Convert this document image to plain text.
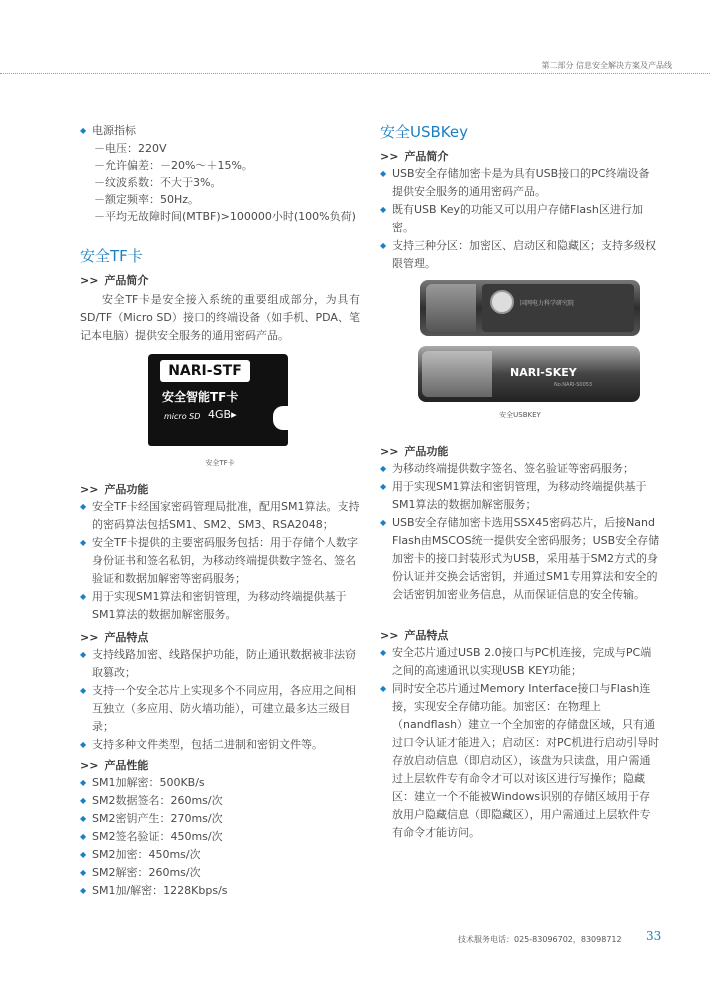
第二部分 信息安全解决方案及产品线
◆ 电源指标
－电压：220V
－允许偏差：－20%～＋15%。
－纹波系数：不大于3%。
－额定频率：50Hz。
－平均无故障时间(MTBF)>100000小时(100%负荷)
安全TF卡
>> 产品简介

安全TF卡是安全接入系统的重要组成部分，为具有SD/TF（Micro SD）接口的终端设备（如手机、PDA、笔记本电脑）提供安全服务的通用密码产品。

NARI-STF
安全智能TF卡
micro SD 4GB▸
安全TF卡
>> 产品功能
◆ 安全TF卡经国家密码管理局批准，配用SM1算法。支持的密码算法包括SM1、SM2、SM3、RSA2048；
◆ 安全TF卡提供的主要密码服务包括：用于存储个人数字身份证书和签名私钥，为移动终端提供数字签名、签名验证和数据加解密等密码服务；
◆ 用于实现SM1算法和密钥管理，为移动终端提供基于SM1算法的数据加解密服务。
>> 产品特点
◆ 支持线路加密、线路保护功能，防止通讯数据被非法窃取篡改；
◆ 支持一个安全芯片上实现多个不同应用，各应用之间相互独立（多应用、防火墙功能），可建立最多达三级目录；
◆ 支持多种文件类型，包括二进制和密钥文件等。
>> 产品性能
◆ SM1加解密：500KB/s
◆ SM2数据签名：260ms/次
◆ SM2密钥产生：270ms/次
◆ SM2签名验证：450ms/次
◆ SM2加密：450ms/次
◆ SM2解密：260ms/次
◆ SM1加/解密：1228Kbps/s
安全USBKey
>> 产品简介
◆ USB安全存储加密卡是为具有USB接口的PC终端设备提供安全服务的通用密码产品。
◆ 既有USB Key的功能又可以用户存储Flash区进行加密。
◆ 支持三种分区：加密区、启动区和隐藏区；支持多级权限管理。
国网电力科学研究院
NARI-SKEY
No.NARI-S0053
安全USBKEY
>> 产品功能
◆ 为移动终端提供数字签名、签名验证等密码服务；
◆ 用于实现SM1算法和密钥管理，为移动终端提供基于SM1算法的数据加解密服务；
◆ USB安全存储加密卡选用SSX45密码芯片，后接Nand Flash由MSCOS统一提供安全密码服务；USB安全存储加密卡的接口封装形式为USB，采用基于SM2方式的身份认证并交换会话密钥，并通过SM1专用算法和安全的会话密钥加密业务信息，从而保证信息的安全传输。
>> 产品特点
◆ 安全芯片通过USB 2.0接口与PC机连接，完成与PC端之间的高速通讯以实现USB KEY功能；
◆ 同时安全芯片通过Memory Interface接口与Flash连接，实现安全存储功能。加密区：在物理上（nandflash）建立一个全加密的存储盘区域，只有通过口令认证才能进入；启动区：对PC机进行启动引导时存放启动信息（即启动区），该盘为只读盘，用户需通过上层软件专有命令才可以对该区进行写操作；隐藏区：建立一个不能被Windows识别的存储区域用于存放用户隐藏信息（即隐藏区），用户需通过上层软件专有命令才能访问。
技术服务电话：025-83096702，83098712 33
